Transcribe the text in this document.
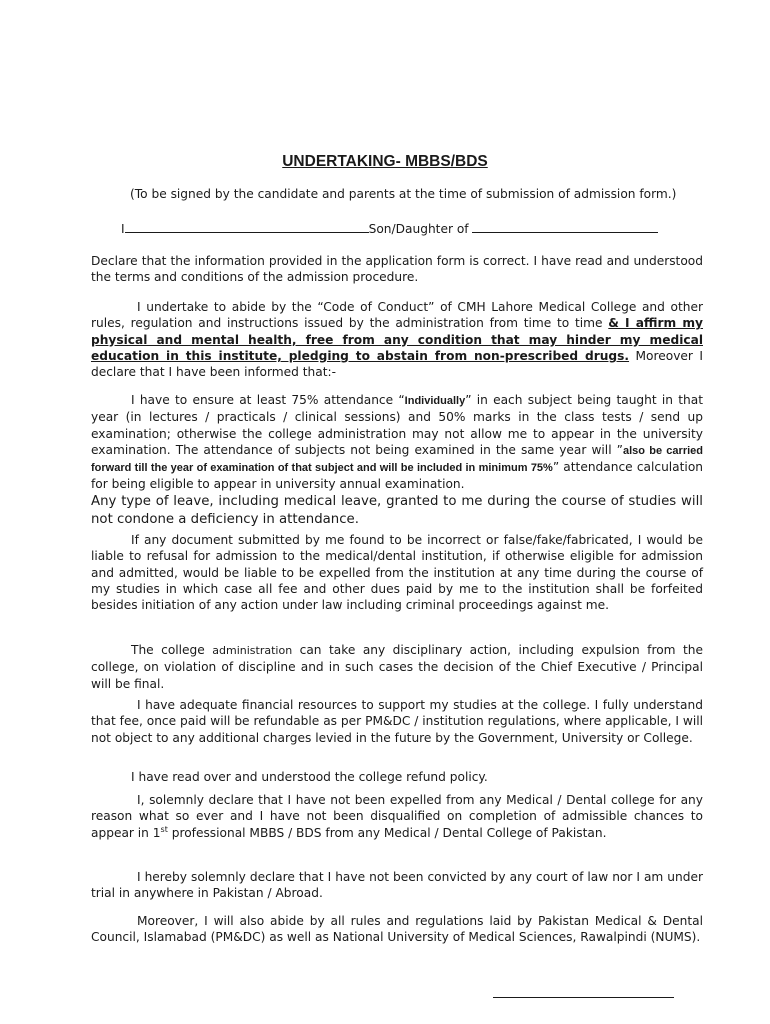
UNDERTAKING- MBBS/BDS
(To be signed by the candidate and parents at the time of submission of admission form.)
I	Son/Daughter of
Declare that the information provided in the application form is correct. I have read and understood the terms and conditions of the admission procedure.
I undertake to abide by the “Code of Conduct” of CMH Lahore Medical College and other rules, regulation and instructions issued by the administration from time to time & I affirm my physical and mental health, free from any condition that may hinder my medical education in this institute, pledging to abstain from non-prescribed drugs. Moreover I declare that I have been informed that:-
I have to ensure at least 75% attendance “Individually” in each subject being taught in that year (in lectures / practicals / clinical sessions) and 50% marks in the class tests / send up examination; otherwise the college administration may not allow me to appear in the university examination. The attendance of subjects not being examined in the same year will ”also be carried forward till the year of examination of that subject and will be included in minimum 75%” attendance calculation for being eligible to appear in university annual examination.
Any type of leave, including medical leave, granted to me during the course of studies will not condone a deficiency in attendance.
If any document submitted by me found to be incorrect or false/fake/fabricated, I would be liable to refusal for admission to the medical/dental institution, if otherwise eligible for admission and admitted, would be liable to be expelled from the institution at any time during the course of my studies in which case all fee and other dues paid by me to the institution shall be forfeited besides initiation of any action under law including criminal proceedings against me.
The college administration can take any disciplinary action, including expulsion from the college, on violation of discipline and in such cases the decision of the Chief Executive / Principal will be final.
I have adequate financial resources to support my studies at the college. I fully understand that fee, once paid will be refundable as per PM&DC / institution regulations, where applicable, I will not object to any additional charges levied in the future by the Government, University or College.
I have read over and understood the college refund policy.
I, solemnly declare that I have not been expelled from any Medical / Dental college for any reason what so ever and I have not been disqualified on completion of admissible chances to appear in 1st professional MBBS / BDS from any Medical / Dental College of Pakistan.
I hereby solemnly declare that I have not been convicted by any court of law nor I am under trial in anywhere in Pakistan / Abroad.
Moreover, I will also abide by all rules and regulations laid by Pakistan Medical & Dental Council, Islamabad (PM&DC) as well as National University of Medical Sciences, Rawalpindi (NUMS).
